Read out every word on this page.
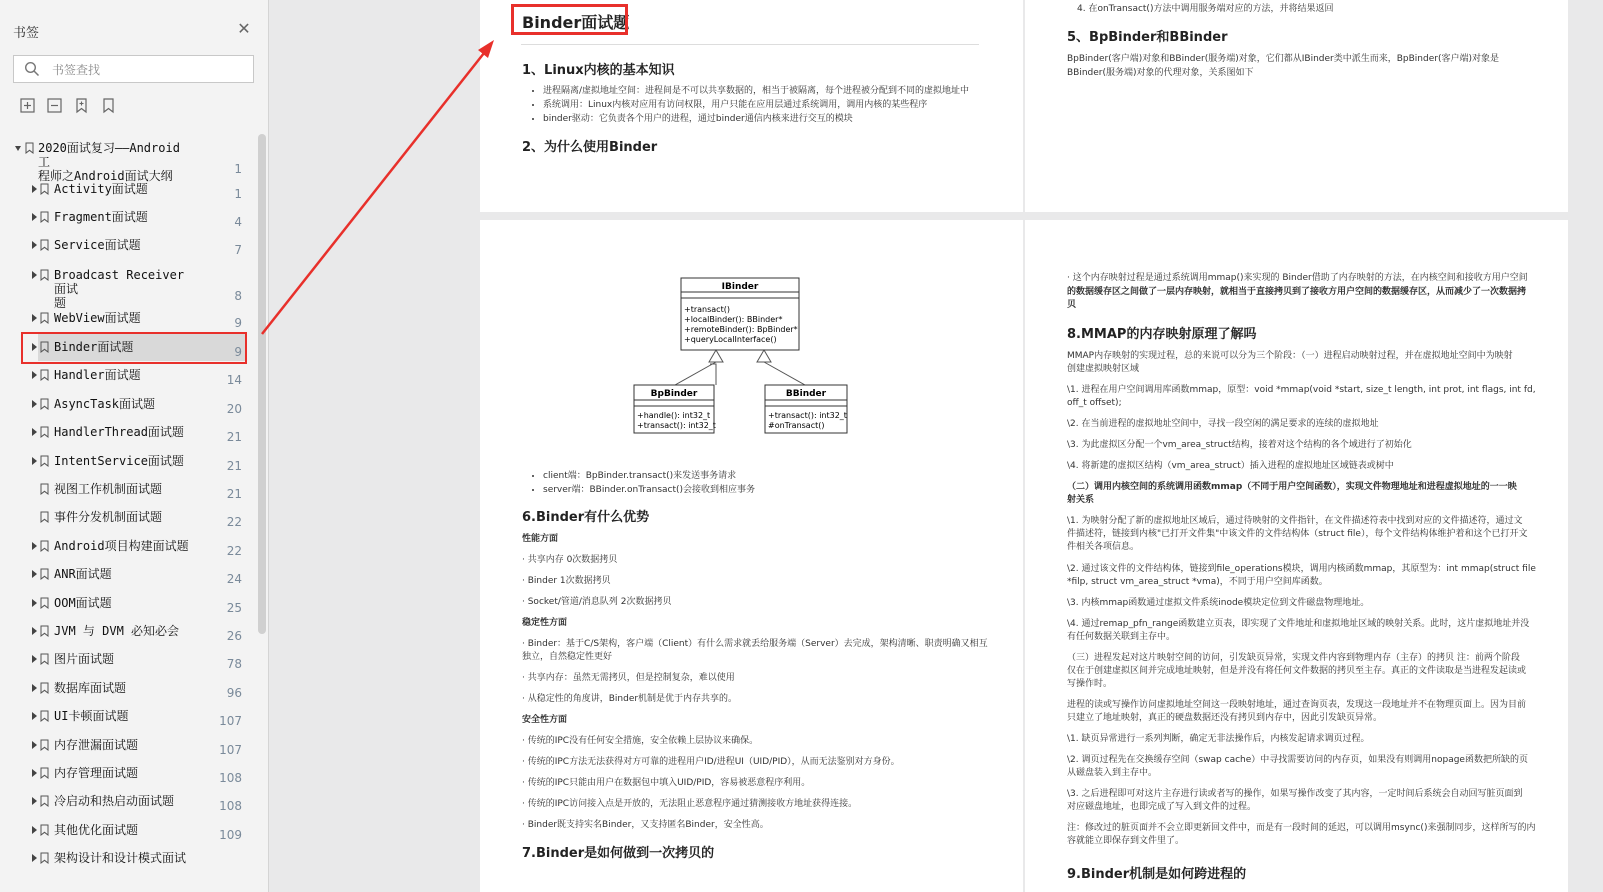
书签	✕
书签查找
2020面试复习——Android工
程师之Android面试大纲	1
Activity面试题	1
Fragment面试题	4
Service面试题	7
Broadcast Receiver面试
题	8
WebView面试题	9
Binder面试题	9
Handler面试题	14
AsyncTask面试题	20
HandlerThread面试题	21
IntentService面试题	21
视图工作机制面试题	21
事件分发机制面试题	22
Android项目构建面试题	22
ANR面试题	24
OOM面试题	25
JVM 与 DVM 必知必会	26
图片面试题	78
数据库面试题	96
UI卡顿面试题	107
内存泄漏面试题	107
内存管理面试题	108
冷启动和热启动面试题	108
其他优化面试题	109
架构设计和设计模式面试
Binder面试题
1、Linux内核的基本知识
• 进程隔离/虚拟地址空间：进程间是不可以共享数据的，相当于被隔离，每个进程被分配到不同的虚拟地址中
• 系统调用：Linux内核对应用有访问权限，用户只能在应用层通过系统调用，调用内核的某些程序
• binder驱动：它负责各个用户的进程，通过binder通信内核来进行交互的模块
2、为什么使用Binder
4. 在onTransact()方法中调用服务端对应的方法，并将结果返回
5、BpBinder和BBinder
BpBinder(客户端)对象和BBinder(服务端)对象，它们都从IBinder类中派生而来，BpBinder(客户端)对象是
BBinder(服务端)对象的代理对象，关系图如下
IBinder
+transact()
+localBinder(): BBinder*
+remoteBinder(): BpBinder*
+queryLocalInterface()
BpBinder
+handle(): int32_t
+transact(): int32_t
BBinder
+transact(): int32_t
#onTransact()
• client端：BpBinder.transact()来发送事务请求
• server端：BBinder.onTransact()会接收到相应事务
6.Binder有什么优势
性能方面
· 共享内存 0次数据拷贝
· Binder 1次数据拷贝
· Socket/管道/消息队列 2次数据拷贝
稳定性方面
· Binder：基于C/S架构，客户端（Client）有什么需求就丢给服务端（Server）去完成，架构清晰、职责明确又相互
独立，自然稳定性更好
· 共享内存：虽然无需拷贝，但是控制复杂，难以使用
· 从稳定性的角度讲，Binder机制是优于内存共享的。
安全性方面
· 传统的IPC没有任何安全措施，安全依赖上层协议来确保。
· 传统的IPC方法无法获得对方可靠的进程用户ID/进程UI（UID/PID），从而无法鉴别对方身份。
· 传统的IPC只能由用户在数据包中填入UID/PID，容易被恶意程序利用。
· 传统的IPC访问接入点是开放的，无法阻止恶意程序通过猜测接收方地址获得连接。
· Binder既支持实名Binder，又支持匿名Binder，安全性高。
7.Binder是如何做到一次拷贝的
· 这个内存映射过程是通过系统调用mmap()来实现的 Binder借助了内存映射的方法，在内核空间和接收方用户空间
的数据缓存区之间做了一层内存映射，就相当于直接拷贝到了接收方用户空间的数据缓存区，从而减少了一次数据拷
贝
8.MMAP的内存映射原理了解吗
MMAP内存映射的实现过程，总的来说可以分为三个阶段：（一）进程启动映射过程，并在虚拟地址空间中为映射
创建虚拟映射区域
\1. 进程在用户空间调用库函数mmap，原型：void *mmap(void *start, size_t length, int prot, int flags, int fd,
off_t offset);
\2. 在当前进程的虚拟地址空间中，寻找一段空闲的满足要求的连续的虚拟地址
\3. 为此虚拟区分配一个vm_area_struct结构，接着对这个结构的各个域进行了初始化
\4. 将新建的虚拟区结构（vm_area_struct）插入进程的虚拟地址区域链表或树中
（二）调用内核空间的系统调用函数mmap（不同于用户空间函数），实现文件物理地址和进程虚拟地址的一一映
射关系
\1. 为映射分配了新的虚拟地址区域后，通过待映射的文件指针，在文件描述符表中找到对应的文件描述符，通过文
件描述符，链接到内核"已打开文件集"中该文件的文件结构体（struct file），每个文件结构体维护着和这个已打开文
件相关各项信息。
\2. 通过该文件的文件结构体，链接到file_operations模块，调用内核函数mmap，其原型为：int mmap(struct file
*filp, struct vm_area_struct *vma)，不同于用户空间库函数。
\3. 内核mmap函数通过虚拟文件系统inode模块定位到文件磁盘物理地址。
\4. 通过remap_pfn_range函数建立页表，即实现了文件地址和虚拟地址区域的映射关系。此时，这片虚拟地址并没
有任何数据关联到主存中。
（三）进程发起对这片映射空间的访问，引发缺页异常，实现文件内容到物理内存（主存）的拷贝 注：前两个阶段
仅在于创建虚拟区间并完成地址映射，但是并没有将任何文件数据的拷贝至主存。真正的文件读取是当进程发起读或
写操作时。
进程的读或写操作访问虚拟地址空间这一段映射地址，通过查询页表，发现这一段地址并不在物理页面上。因为目前
只建立了地址映射，真正的硬盘数据还没有拷贝到内存中，因此引发缺页异常。
\1. 缺页异常进行一系列判断，确定无非法操作后，内核发起请求调页过程。
\2. 调页过程先在交换缓存空间（swap cache）中寻找需要访问的内存页，如果没有则调用nopage函数把所缺的页
从磁盘装入到主存中。
\3. 之后进程即可对这片主存进行读或者写的操作，如果写操作改变了其内容，一定时间后系统会自动回写脏页面到
对应磁盘地址，也即完成了写入到文件的过程。
注：修改过的脏页面并不会立即更新回文件中，而是有一段时间的延迟，可以调用msync()来强制同步，这样所写的内
容就能立即保存到文件里了。
9.Binder机制是如何跨进程的
